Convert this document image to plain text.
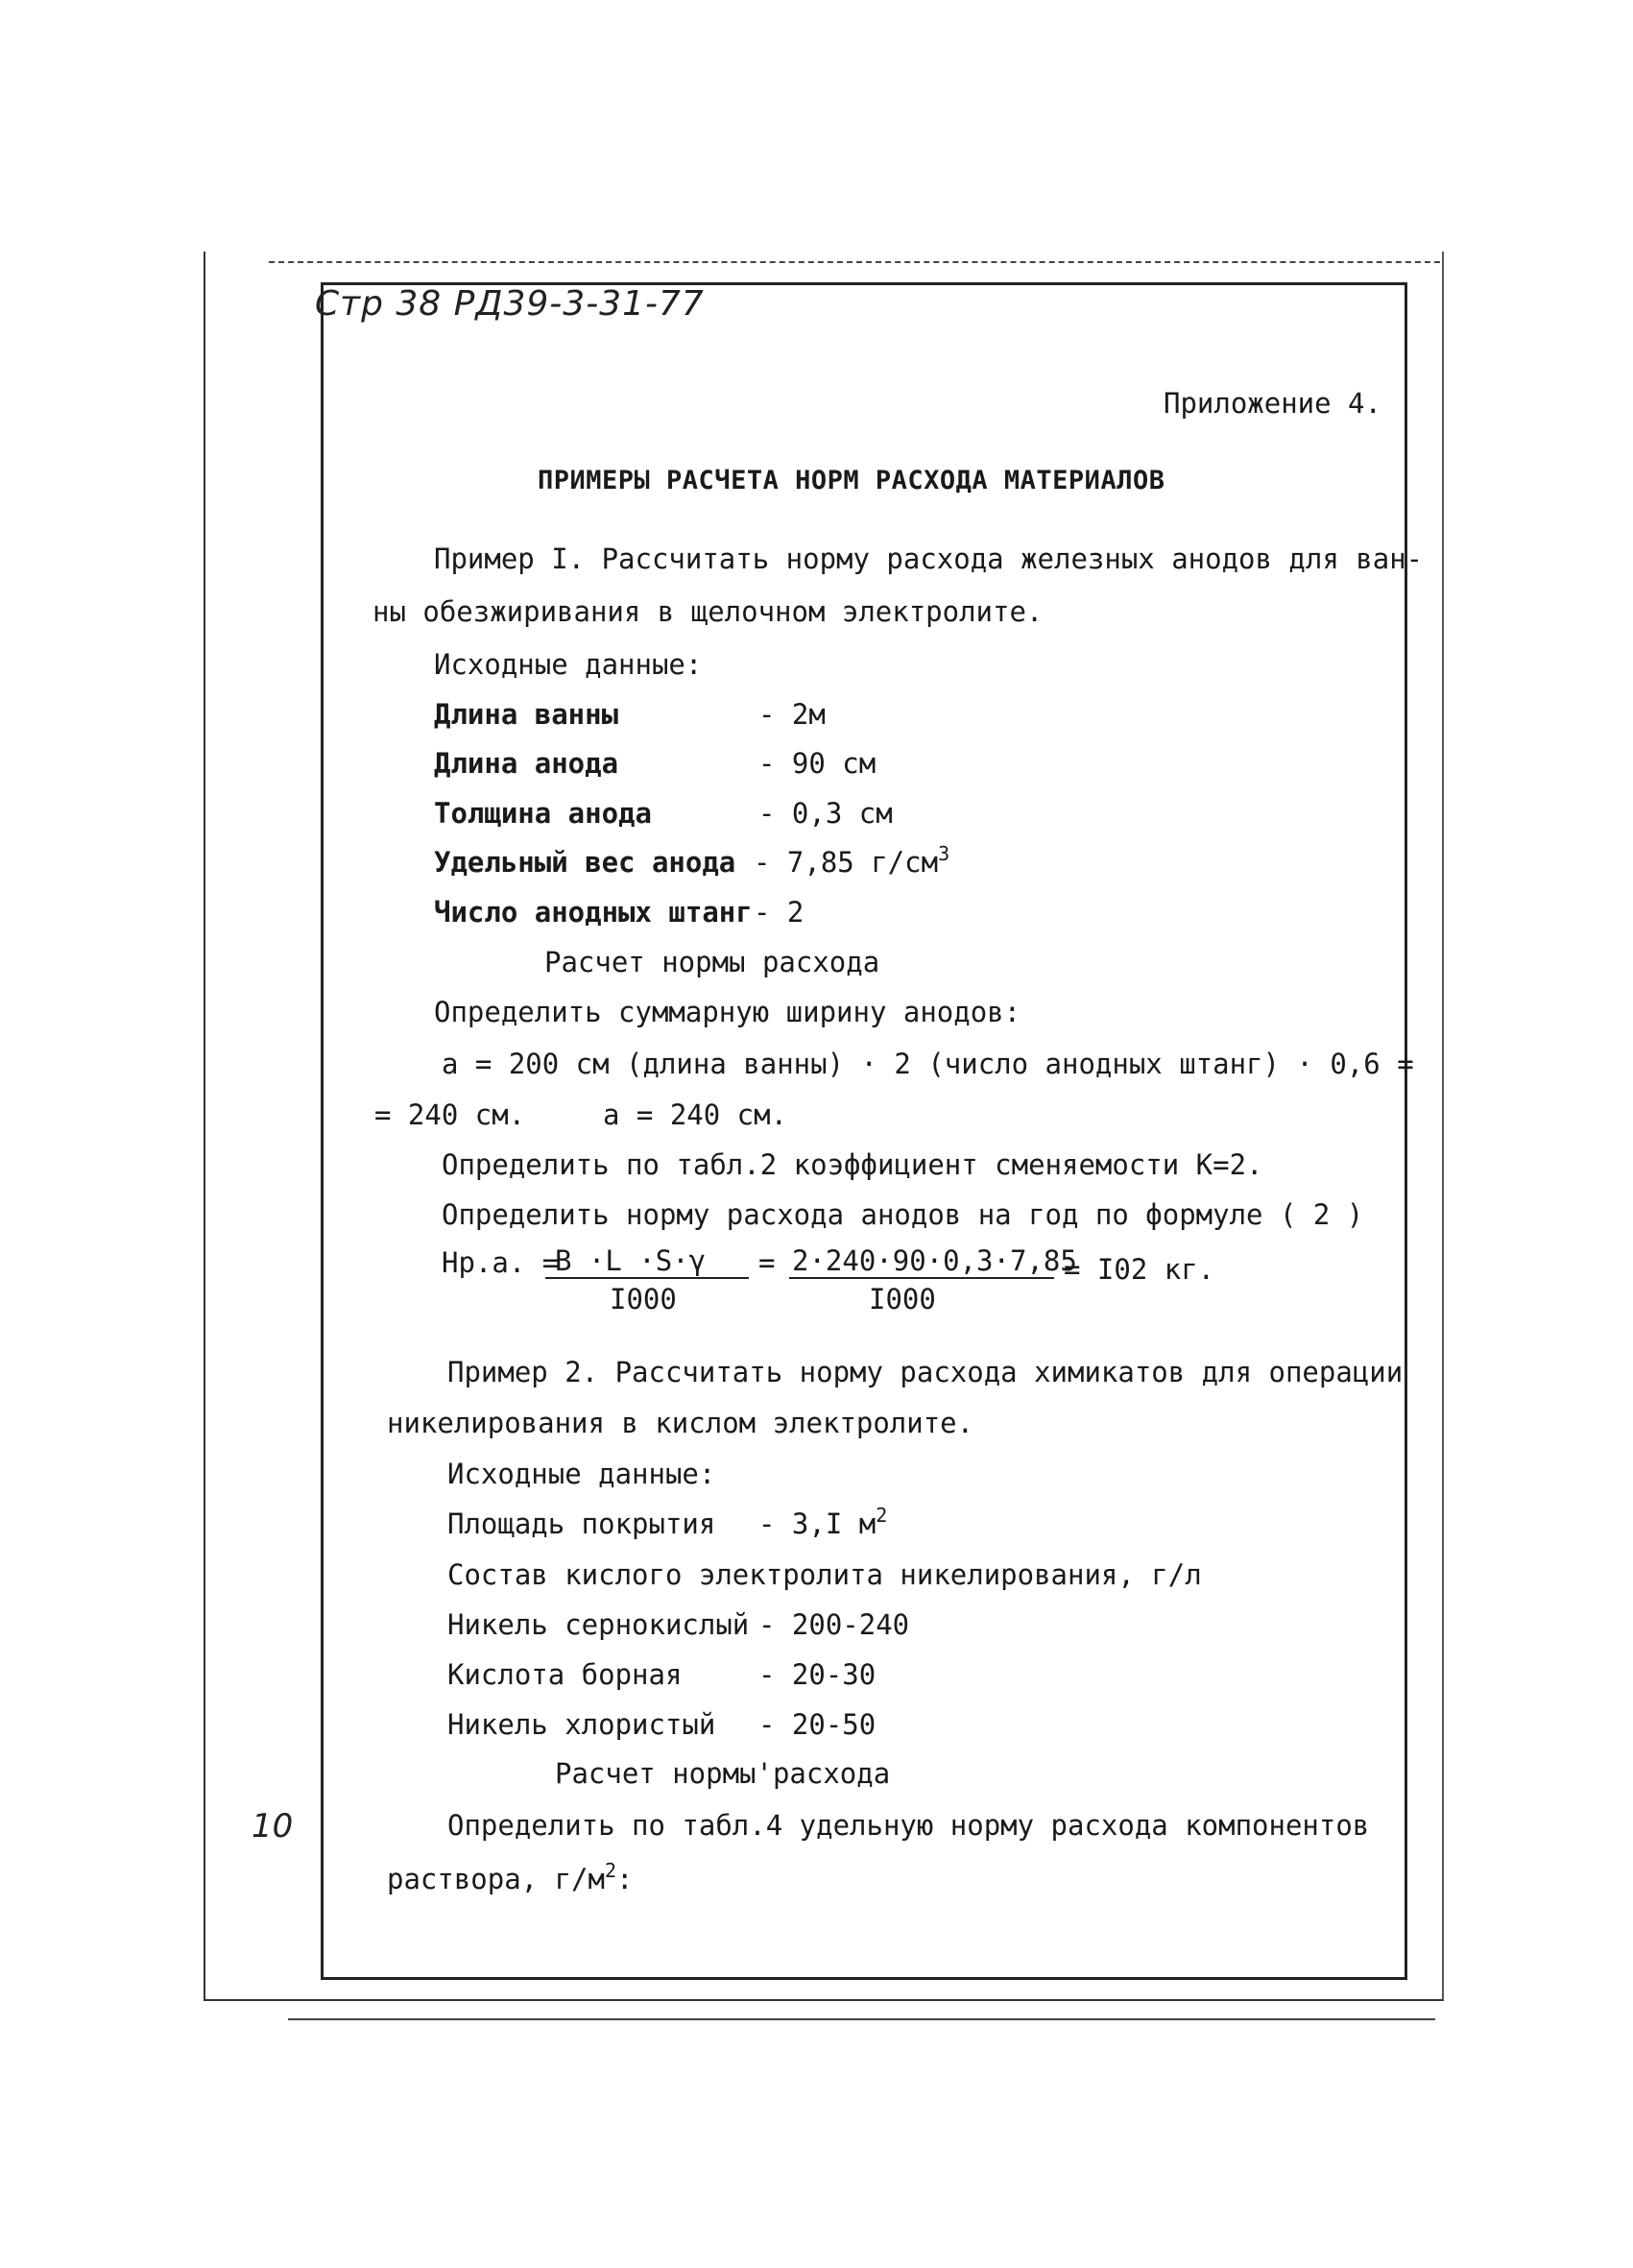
Стр 38 РД39-3-31-77
10
Приложение 4.
ПРИМЕРЫ РАСЧЕТА НОРМ РАСХОДА МАТЕРИАЛОВ
Пример I. Рассчитать норму расхода железных анодов для ван-
ны обезжиривания в щелочном электролите.
Исходные данные:
Длина ванны	- 2м
Длина анода	- 90 см
Толщина анода	- 0,3 см
Удельный вес анода - 7,85 $г/см^3$
Число анодных штанг - 2
Расчет нормы расхода
Определить суммарную ширину анодов:
а = 200 см (длина ванны) · 2 (число анодных штанг) · 0,6 =
= 240 см.	а = 240 см.
Определить по табл.2 коэффициент сменяемости К=2.
Определить норму расхода анодов на год по формуле ( 2 )
Нр.а. =
В ·L ·S·γ
I000
= 2·240·90·0,3·7,85
I000
= I02 кг.
Пример 2. Рассчитать норму расхода химикатов для операции
никелирования в кислом электролите.
Исходные данные:
Площадь покрытия - 3,I $м^2$
Состав кислого электролита никелирования, г/л
Никель сернокислый - 200-240
Кислота борная	- 20-30
Никель хлористый - 20-50
Расчет нормы'расхода
Определить по табл.4 удельную норму расхода компонентов
раствора, $г/м^2$:
